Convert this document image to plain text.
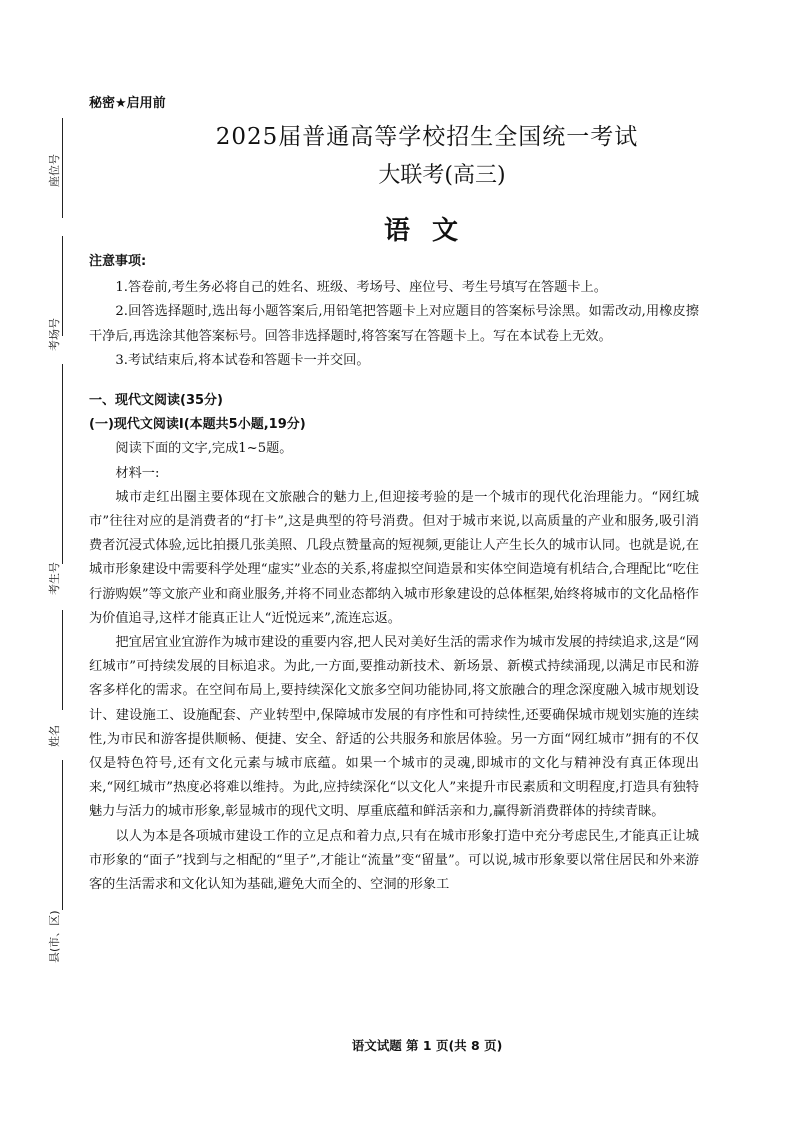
座位号
考场号
考生号
姓名
县(市、区)
秘密★启用前
2025届普通高等学校招生全国统一考试
大联考(高三)
语文

注意事项:

1.答卷前,考生务必将自己的姓名、班级、考场号、座位号、考生号填写在答题卡上。

2.回答选择题时,选出每小题答案后,用铅笔把答题卡上对应题目的答案标号涂黑。如需改动,用橡皮擦干净后,再选涂其他答案标号。回答非选择题时,将答案写在答题卡上。写在本试卷上无效。

3.考试结束后,将本试卷和答题卡一并交回。

一、现代文阅读(35分)

(一)现代文阅读Ⅰ(本题共5小题,19分)

阅读下面的文字,完成1~5题。

材料一:

城市走红出圈主要体现在文旅融合的魅力上,但迎接考验的是一个城市的现代化治理能力。“网红城市”往往对应的是消费者的“打卡”,这是典型的符号消费。但对于城市来说,以高质量的产业和服务,吸引消费者沉浸式体验,远比拍摄几张美照、几段点赞量高的短视频,更能让人产生长久的城市认同。也就是说,在城市形象建设中需要科学处理“虚实”业态的关系,将虚拟空间造景和实体空间造境有机结合,合理配比“吃住行游购娱”等文旅产业和商业服务,并将不同业态都纳入城市形象建设的总体框架,始终将城市的文化品格作为价值追寻,这样才能真正让人“近悦远来”,流连忘返。

把宜居宜业宜游作为城市建设的重要内容,把人民对美好生活的需求作为城市发展的持续追求,这是“网红城市”可持续发展的目标追求。为此,一方面,要推动新技术、新场景、新模式持续涌现,以满足市民和游客多样化的需求。在空间布局上,要持续深化文旅多空间功能协同,将文旅融合的理念深度融入城市规划设计、建设施工、设施配套、产业转型中,保障城市发展的有序性和可持续性,还要确保城市规划实施的连续性,为市民和游客提供顺畅、便捷、安全、舒适的公共服务和旅居体验。另一方面“网红城市”拥有的不仅仅是特色符号,还有文化元素与城市底蕴。如果一个城市的灵魂,即城市的文化与精神没有真正体现出来,“网红城市”热度必将难以维持。为此,应持续深化“以文化人”来提升市民素质和文明程度,打造具有独特魅力与活力的城市形象,彰显城市的现代文明、厚重底蕴和鲜活亲和力,赢得新消费群体的持续青睐。

以人为本是各项城市建设工作的立足点和着力点,只有在城市形象打造中充分考虑民生,才能真正让城市形象的“面子”找到与之相配的“里子”,才能让“流量”变“留量”。可以说,城市形象要以常住居民和外来游客的生活需求和文化认知为基础,避免大而全的、空洞的形象工

语文试题 第 1 页(共 8 页)
